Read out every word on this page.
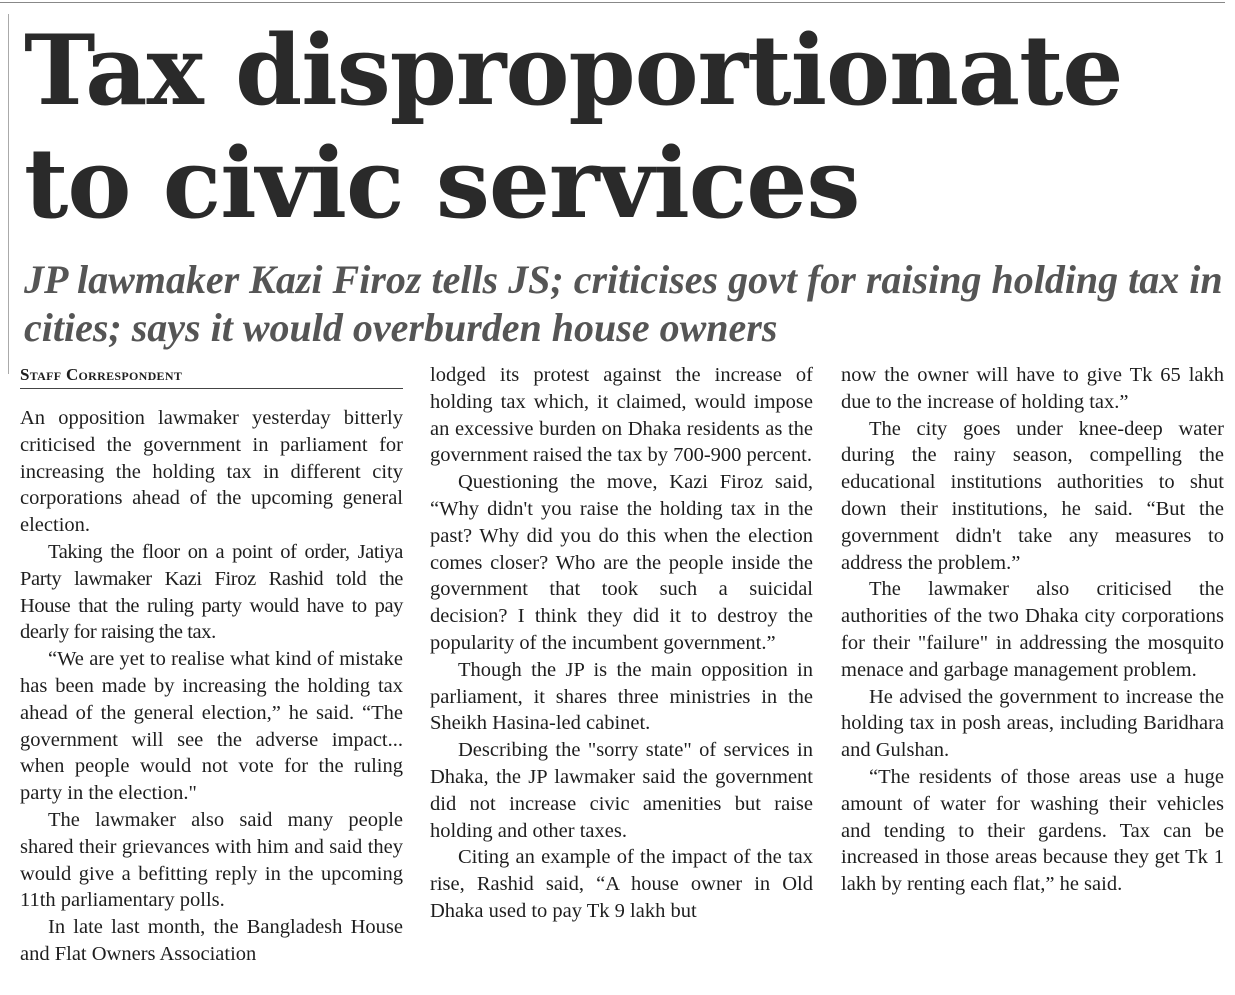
Tax disproportionate to civic services
JP lawmaker Kazi Firoz tells JS; criticises govt for raising holding tax in cities; says it would overburden house owners
Staff Correspondent

An opposition lawmaker yesterday bitterly criticised the government in parliament for increasing the holding tax in different city corporations ahead of the upcoming general election.

Taking the floor on a point of order, Jatiya Party lawmaker Kazi Firoz Rashid told the House that the ruling party would have to pay dearly for raising the tax.

“We are yet to realise what kind of mistake has been made by increasing the holding tax ahead of the general election,” he said. “The government will see the adverse impact... when people would not vote for the ruling party in the election."

The lawmaker also said many people shared their grievances with him and said they would give a befitting reply in the upcoming 11th parliamentary polls.

In late last month, the Bangladesh House and Flat Owners Association

lodged its protest against the increase of holding tax which, it claimed, would impose an excessive burden on Dhaka residents as the government raised the tax by 700-900 percent.

Questioning the move, Kazi Firoz said, “Why didn't you raise the holding tax in the past? Why did you do this when the election comes closer? Who are the people inside the government that took such a suicidal decision? I think they did it to destroy the popularity of the incumbent government.”

Though the JP is the main opposition in parliament, it shares three ministries in the Sheikh Hasina-led cabinet.

Describing the "sorry state" of services in Dhaka, the JP lawmaker said the government did not increase civic amenities but raise holding and other taxes.

Citing an example of the impact of the tax rise, Rashid said, “A house owner in Old Dhaka used to pay Tk 9 lakh but

now the owner will have to give Tk 65 lakh due to the increase of holding tax.”

The city goes under knee-deep water during the rainy season, compelling the educational institutions authorities to shut down their institutions, he said. “But the government didn't take any measures to address the problem.”

The lawmaker also criticised the authorities of the two Dhaka city corporations for their "failure" in addressing the mosquito menace and garbage management problem.

He advised the government to increase the holding tax in posh areas, including Baridhara and Gulshan.

“The residents of those areas use a huge amount of water for washing their vehicles and tending to their gardens. Tax can be increased in those areas because they get Tk 1 lakh by renting each flat,” he said.
